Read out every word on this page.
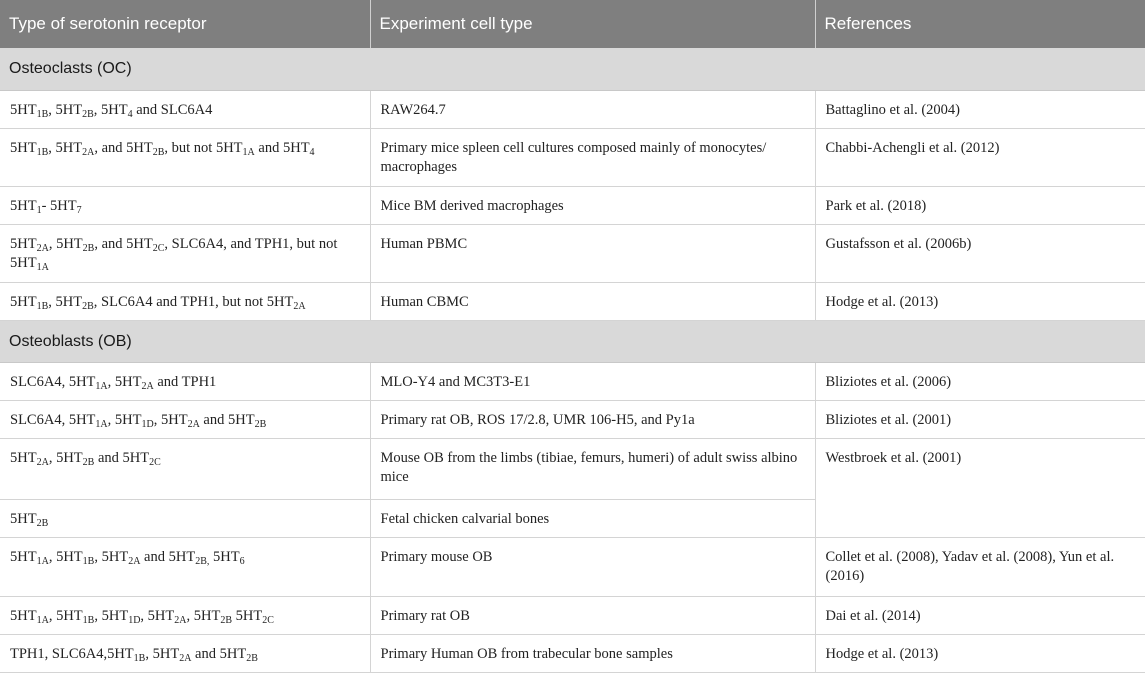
Type of serotonin receptor	Experiment cell type	References
Osteoclasts (OC)		
$5HT_{1B}$, $5HT_{2B}$, $5HT_4$ and SLC6A4	RAW264.7	Battaglino et al. (2004)
$5HT_{1B}$, $5HT_{2A}$, and $5HT_{2B}$, but not $5HT_{1A}$ and $5HT_4$	Primary mice spleen cell cultures composed mainly of monocytes/ macrophages	Chabbi-Achengli et al. (2012)
$5HT_1-$ $5HT_7$	Mice BM derived macrophages	Park et al. (2018)
$5HT_{2A}$, $5HT_{2B}$, and $5HT_{2C}$, SLC6A4, and TPH1, but not $5HT_{1A}$	Human PBMC	Gustafsson et al. (2006b)
$5HT_{1B}$, $5HT_{2B}$, SLC6A4 and TPH1, but not $5HT_{2A}$	Human CBMC	Hodge et al. (2013)
Osteoblasts (OB)		
SLC6A4, $5HT_{1A}$, $5HT_{2A}$ and TPH1	MLO-Y4 and MC3T3-E1	Bliziotes et al. (2006)
SLC6A4, $5HT_{1A}$, $5HT_{1D}$, $5HT_{2A}$ and $5HT_{2B}$	Primary rat OB, ROS 17/2.8, UMR 106-H5, and Py1a	Bliziotes et al. (2001)
$5HT_{2A}$, $5HT_{2B}$ and $5HT_{2C}$	Mouse OB from the limbs (tibiae, femurs, humeri) of adult swiss albino mice	Westbroek et al. (2001)
$5HT_{2B}$	Fetal chicken calvarial bones	
$5HT_{1A}$, $5HT_{1B}$, $5HT_{2A}$ and $5HT_{2B,}$ $5HT_6$	Primary mouse OB	Collet et al. (2008), Yadav et al. (2008), Yun et al. (2016)
$5HT_{1A}$, $5HT_{1B}$, $5HT_{1D}$, $5HT_{2A}$, $5HT_{2B}$ $5HT_{2C}$	Primary rat OB	Dai et al. (2014)
TPH1, $SLC6A4,5HT_{1B}$, $5HT_{2A}$ and $5HT_{2B}$	Primary Human OB from trabecular bone samples	Hodge et al. (2013)
